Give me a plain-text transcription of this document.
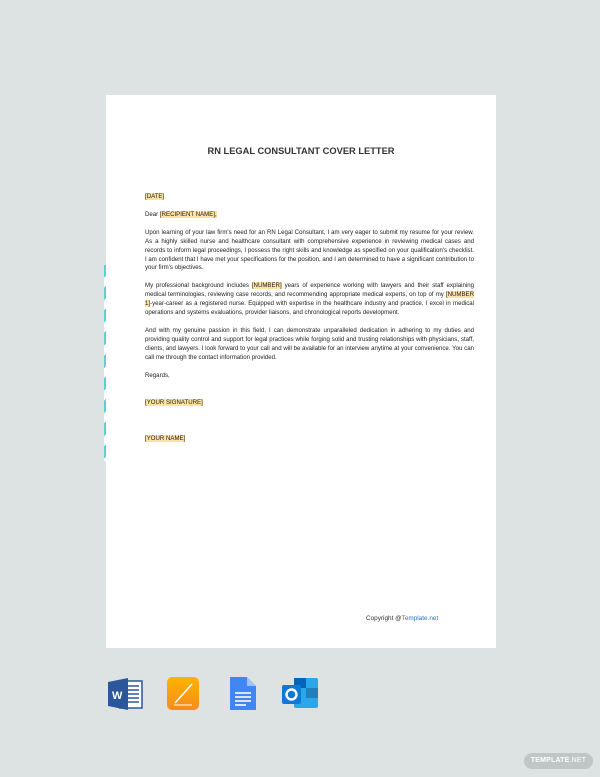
RN LEGAL CONSULTANT COVER LETTER

[DATE]

Dear [RECIPIENT NAME],

Upon learning of your law firm's need for an RN Legal Consultant, I am very eager to submit my resume for your review. As a highly skilled nurse and healthcare consultant with comprehensive experience in reviewing medical cases and records to inform legal proceedings, I possess the right skills and knowledge as specified on your qualification's checklist. I am confident that I have met your specifications for the position, and I am determined to have a significant contribution to your firm's objectives.

My professional background includes [NUMBER] years of experience working with lawyers and their staff explaining medical terminologies, reviewing case records, and recommending appropriate medical experts, on top of my [NUMBER 1]-year-career as a registered nurse. Equipped with expertise in the healthcare industry and practice, I excel in medical operations and systems evaluations, provider liaisons, and chronological reports development.

And with my genuine passion in this field, I can demonstrate unparalleled dedication in adhering to my duties and providing quality control and support for legal practices while forging solid and trusting relationships with physicians, staff, clients, and lawyers. I look forward to your call and will be available for an interview anytime at your convenience. You can call me through the contact information provided.

Regards,

[YOUR SIGNATURE]

[YOUR NAME]

Copyright @Template.net
W
TEMPLATE.NET
